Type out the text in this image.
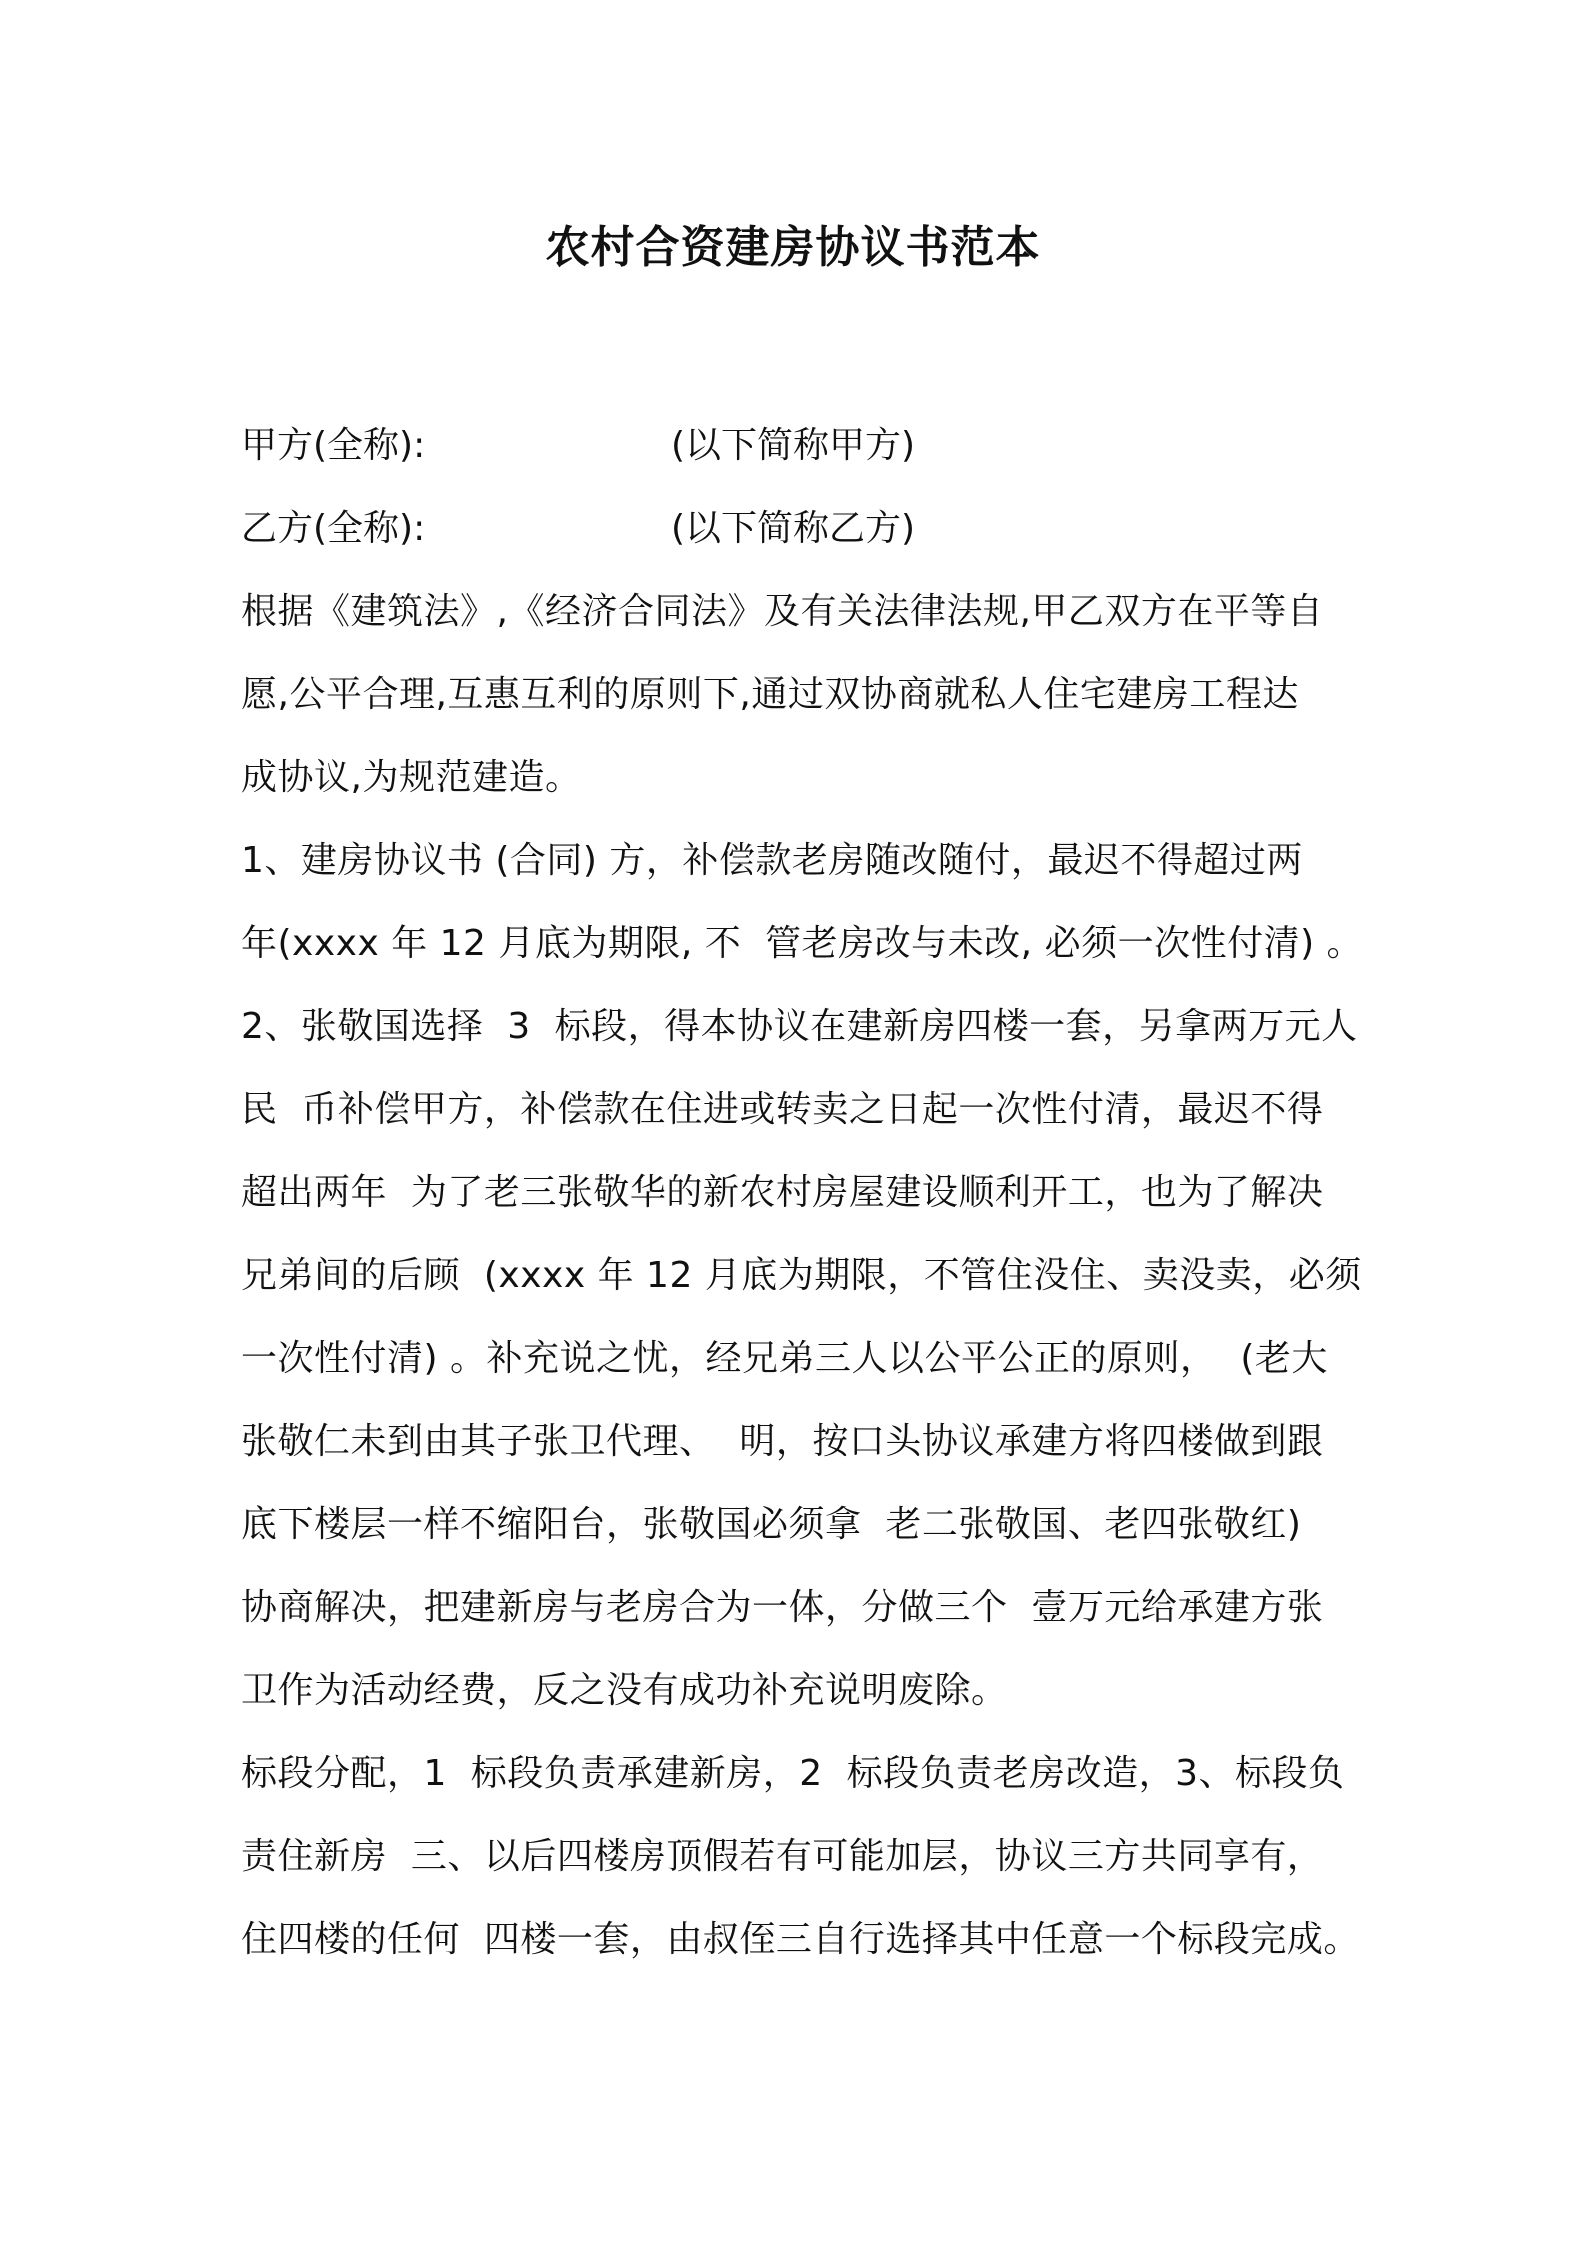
农村合资建房协议书范本
甲方(全称):	(以下简称甲方)
乙方(全称):	(以下简称乙方)
根据《建筑法》,《经济合同法》及有关法律法规,甲乙双方在平等自
愿,公平合理,互惠互利的原则下,通过双协商就私人住宅建房工程达
成协议,为规范建造。
1、建房协议书 (合同) 方，补偿款老房随改随付，最迟不得超过两
年(xxxx 年 12 月底为期限, 不  管老房改与未改, 必须一次性付清) 。
2、张敬国选择  3  标段，得本协议在建新房四楼一套，另拿两万元人
民  币补偿甲方，补偿款在住进或转卖之日起一次性付清，最迟不得
超出两年  为了老三张敬华的新农村房屋建设顺利开工，也为了解决
兄弟间的后顾  (xxxx 年 12 月底为期限，不管住没住、卖没卖，必须
一次性付清) 。补充说之忧，经兄弟三人以公平公正的原则，  (老大
张敬仁未到由其子张卫代理、  明，按口头协议承建方将四楼做到跟
底下楼层一样不缩阳台，张敬国必须拿  老二张敬国、老四张敬红)
协商解决，把建新房与老房合为一体，分做三个  壹万元给承建方张
卫作为活动经费，反之没有成功补充说明废除。
标段分配，1  标段负责承建新房，2  标段负责老房改造，3、标段负
责住新房  三、以后四楼房顶假若有可能加层，协议三方共同享有，
住四楼的任何  四楼一套，由叔侄三自行选择其中任意一个标段完成。
